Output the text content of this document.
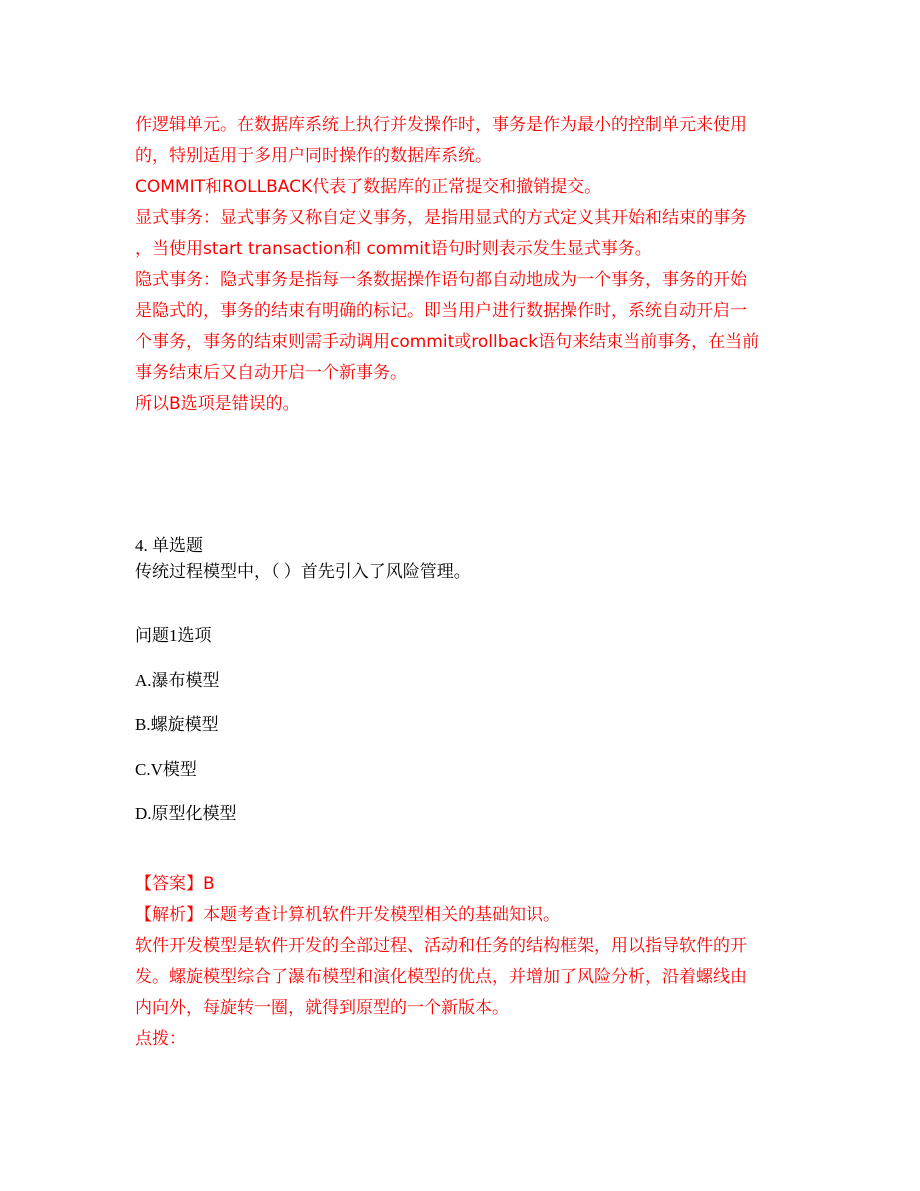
作逻辑单元。在数据库系统上执行并发操作时，事务是作为最小的控制单元来使用
的，特别适用于多用户同时操作的数据库系统。
COMMIT和ROLLBACK代表了数据库的正常提交和撤销提交。
显式事务：显式事务又称自定义事务，是指用显式的方式定义其开始和结束的事务
，当使用start transaction和 commit语句时则表示发生显式事务。
隐式事务：隐式事务是指每一条数据操作语句都自动地成为一个事务，事务的开始
是隐式的，事务的结束有明确的标记。即当用户进行数据操作时，系统自动开启一
个事务，事务的结束则需手动调用commit或rollback语句来结束当前事务，在当前
事务结束后又自动开启一个新事务。
所以B选项是错误的。
4. 单选题
传统过程模型中，（ ）首先引入了风险管理。
问题1选项
A.瀑布模型
B.螺旋模型
C.V模型
D.原型化模型
【答案】B
【解析】本题考查计算机软件开发模型相关的基础知识。
软件开发模型是软件开发的全部过程、活动和任务的结构框架，用以指导软件的开
发。螺旋模型综合了瀑布模型和演化模型的优点，并增加了风险分析，沿着螺线由
内向外，每旋转一圈，就得到原型的一个新版本。
点拨：
